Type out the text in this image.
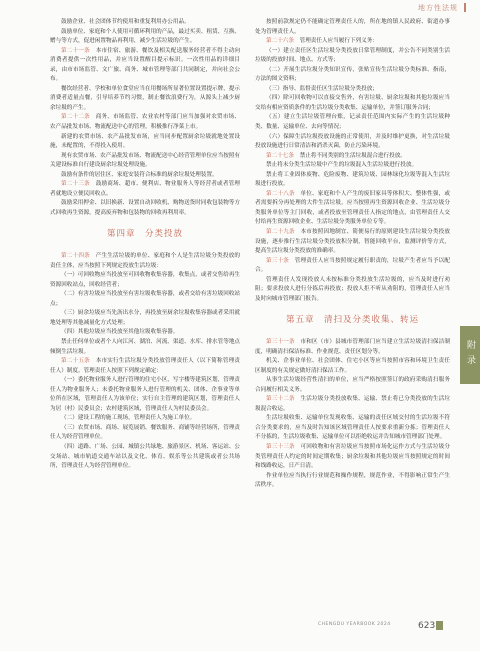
地方性法规

鼓励企业、社会团体节约使用和重复利用办公用品。

鼓励单位、家庭和个人使用可循环利用的产品，最过买卖、租赁、互换、赠与等方式，促进闲置物品再利用，减少生活垃圾的产生。

第二十一条　 本市住宿、旅游、餐饮及相关配送服务经营者不得主动向消费者提供一次性用品，并应当设置醒目提示标识。一次性用品的详细目录，由市市场监管、文广旅、商务、城市管理等部门共同制定，并向社会公布。

餐饮经营者、学校和单位食堂应当在用餐场所显著位置设置提示牌，提示消费者适量点餐，引导培养节约习惯，制止餐饮浪费行为，从源头上减少厨余垃圾的产生。

第二十二条　 商务、市场监管、农业农村等部门应当加强对农贸市场、农产品批发市场、物流配送中心的管理，积极推行净菜上市。

新建的农贸市场、农产品批发市场，应当同步配置厨余垃圾就地处置设施，未配置的，不得投入使用。

现有农贸市场、农产品批发市场、物流配送中心经营管理单位应当按照有关建设标准自行建设厨余垃圾处理设施。

鼓励有条件的居住区、家庭安装符合标准的厨余垃圾处理装置。

第二十三条　 鼓励商场、超市、便利店、物业服务人等经营者或者管理者就地设立便民回收点。

鼓励采用押金、以旧换新、设置自动回收机、购物送货时同收包装物等方式回收再生资源，提高废弃物和包装物的回收再利用率。

第四章　分类投放

第二十四条　 产生生活垃圾的单位、家庭和个人是生活垃圾分类投放的责任主体，应当按照下列规定投放生活垃圾：

（一）可回收物应当投放至可回收物收集容器，收集点，或者交售给再生资源回收站点，回收经营者；

（二）有害垃圾应当投放至有害垃圾收集容器，或者交给有害垃圾回收站点；

（三）厨余垃圾应当先沥出水分，再投放至厨余垃圾收集容器或者采用就地处理等其他减量化方式处理；

（四）其他垃圾应当投放至其他垃圾收集容器。

禁止任何单位或者个人向江河、湖泊、河流、渠道、水库、排水管等地点倾倒生活垃圾。

第二十五条　 本市实行生活垃圾分类投放管理责任人（以下简称管理责任人）制度。管理责任人按照下列规定确定：

（一）委托物业服务人进行管理的住宅小区，写字楼等建筑区划，管理责任人为物业服务人；未委托物业服务人进行管理的机关、团体、企事业等单位所在区域，管理责任人为该单位；实行自主管理的建筑区划，管理责任人为居（村）民委员会；农村建筑区域，管理责任人为村民委员会。

（二）建设工程的施工现场，管理责任人为施工单位。

（三）农贸市场、商场、展览展销、餐饮服务、商铺等经营场所，管理责任人为经营管理单位。

（四）道路、广场、公园、城镇公共绿地、旅游景区、机场、客运站、公交场站、城市轨道交通车站以及文化、体育、娱乐等公共建筑或者公共场所，管理责任人为经营管理单位。

按照前款规定仍不能确定管理责任人的，所在地的镇人民政府、街道办事处为管理责任人。

第二十六条　 管理责任人应当履行下列义务：

（一）建立责任区生活垃圾分类投放日常管理制度，并公告不同类别生活垃圾的投放时间、地点、方式等；

（二）开展生活垃圾分类知识宣传，张贴宣传生活垃圾分类标准、指南，方法的图文资料；

（三）指导、监督责任区生活垃圾分类投放；

（四）除可回收物可以直接交售外，有害垃圾、厨余垃圾和其他垃圾应当交给有相应资质条件的生活垃圾分类收集、运输单位，并签订服务合同；

（五）建立生活垃圾管理台账，记录责任范围内实际产生的生活垃圾种类、数量、运输单位、去向等情况；

（六）保障生活垃圾投放设施的正常使用，并及时维护更换，对生活垃圾投放设施进行日常清洁和消杀灭菌，防止污染环境。

第二十七条　 禁止将不同类别的生活垃圾混合进行投放。

禁止将未分类生活垃圾中产生的垃圾混入生活垃圾进行投放。

禁止将工业固体废物、危险废物、建筑垃圾、园林绿化垃圾等混入生活垃圾进行投放。

第二十八条　 单位、家庭和个人产生的废旧家具等体积大、整体性强，或者需要拆分再处理的大件生活垃圾，应当按照再生资源回收企业、生活垃圾分类服务单位等主门回收，或者投放至管理责任人指定的地点，由管理责任人交付给再生资源回收企业、生活垃圾分类服务单位专等。

第二十九条　 本市按照因地制宜、简便易行的原则建设生活垃圾分类投放设施，逐步推行生活垃圾分类投放积分制，智能回收平台，监测评价等方式，提高生活垃圾分类投放的准确率。

第三十条　 管理责任人应当按照规定履行职责的，垃圾产生者应当予以配合。

管理责任人发现投放人未按标准分类投放生活垃圾的，应当及时进行劝阻；要求投放人进行分拣后再投放；投放人拒不听从劝阻的，管理责任人应当及时向城市管理部门报告。

第五章　清扫及分类收集、转运

第三十一条　 市和区（市）县城市管理部门应当建立生活垃圾清扫保洁制度，明确清扫保洁标准、作业规范、责任区划分等。

机关、企事业单位、社会团体、住宅小区等应当按照市容和环境卫生责任区制度的有关规定做好清扫保洁工作。

从事生活垃圾经营性清扫的单位，应当严格按照签订的政府采购清扫服务合同履行相关义务。

第三十二条　 生活垃圾分类投放收集、运输、禁止将已分类投放的生活垃圾混合收运。

生活垃圾收集、运输单位发现收集、运输的责任区域交付的生活垃圾不符合分类要求的，应当及时告知该区域管理责任人按要求重新分拣；管理责任人不分拣的，生活垃圾收集、运输单位可以拒绝收运并告知城市管理部门处理。

第三十三条　 可回收物和有害垃圾应当按照市场化运作方式与生活垃圾分类管理责任人约定的时间定期收集；厨余垃圾和其他垃圾应当按照规定的时间和线路收运，日产日清。

作业单位应当执行行业规范和操作规程，规范作业，不得影响正常生产生活秩序。

附录
CHENGDU YEARBOOK 2024	623
